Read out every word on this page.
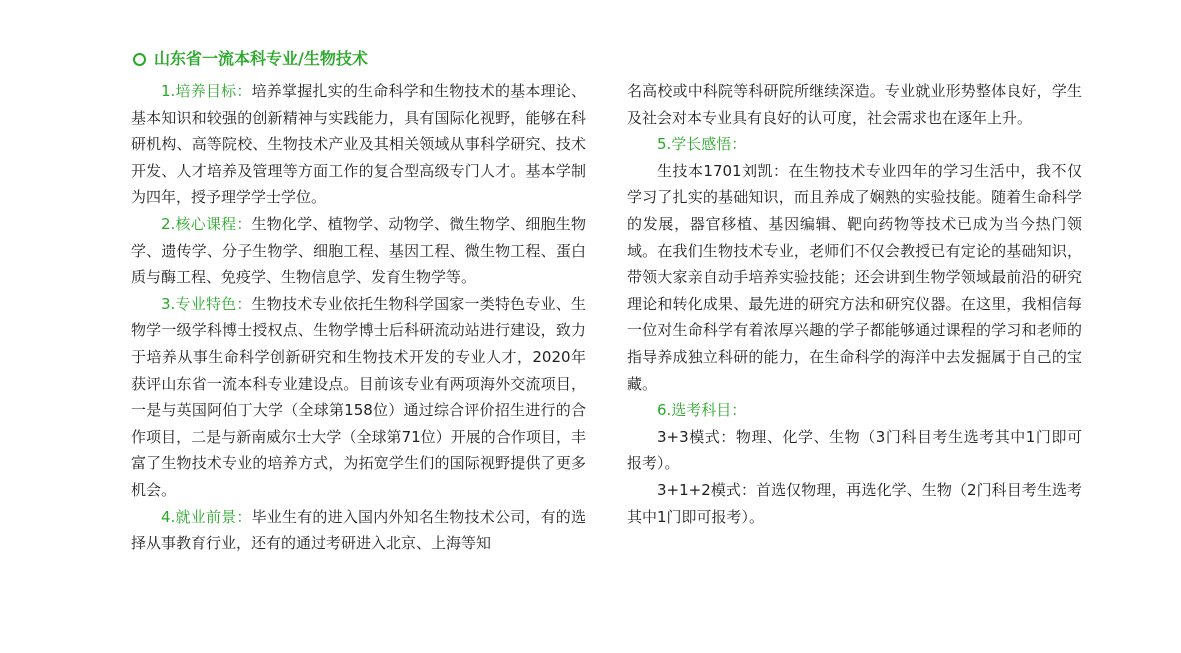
山东省一流本科专业/生物技术

1.培养目标：培养掌握扎实的生命科学和生物技术的基本理论、基本知识和较强的创新精神与实践能力，具有国际化视野，能够在科研机构、高等院校、生物技术产业及其相关领域从事科学研究、技术开发、人才培养及管理等方面工作的复合型高级专门人才。基本学制为四年，授予理学学士学位。

2.核心课程：生物化学、植物学、动物学、微生物学、细胞生物学、遗传学、分子生物学、细胞工程、基因工程、微生物工程、蛋白质与酶工程、免疫学、生物信息学、发育生物学等。

3.专业特色：生物技术专业依托生物科学国家一类特色专业、生物学一级学科博士授权点、生物学博士后科研流动站进行建设，致力于培养从事生命科学创新研究和生物技术开发的专业人才，2020年获评山东省一流本科专业建设点。目前该专业有两项海外交流项目，一是与英国阿伯丁大学（全球第158位）通过综合评价招生进行的合作项目，二是与新南威尔士大学（全球第71位）开展的合作项目，丰富了生物技术专业的培养方式，为拓宽学生们的国际视野提供了更多机会。

4.就业前景：毕业生有的进入国内外知名生物技术公司，有的选择从事教育行业，还有的通过考研进入北京、上海等知

名高校或中科院等科研院所继续深造。专业就业形势整体良好，学生及社会对本专业具有良好的认可度，社会需求也在逐年上升。

5.学长感悟：

生技本1701刘凯：在生物技术专业四年的学习生活中，我不仅学习了扎实的基础知识，而且养成了娴熟的实验技能。随着生命科学的发展，器官移植、基因编辑、靶向药物等技术已成为当今热门领域。在我们生物技术专业，老师们不仅会教授已有定论的基础知识，带领大家亲自动手培养实验技能；还会讲到生物学领域最前沿的研究理论和转化成果、最先进的研究方法和研究仪器。在这里，我相信每一位对生命科学有着浓厚兴趣的学子都能够通过课程的学习和老师的指导养成独立科研的能力，在生命科学的海洋中去发掘属于自己的宝藏。

6.选考科目：

3+3模式：物理、化学、生物（3门科目考生选考其中1门即可报考）。

3+1+2模式：首选仅物理，再选化学、生物（2门科目考生选考其中1门即可报考）。
